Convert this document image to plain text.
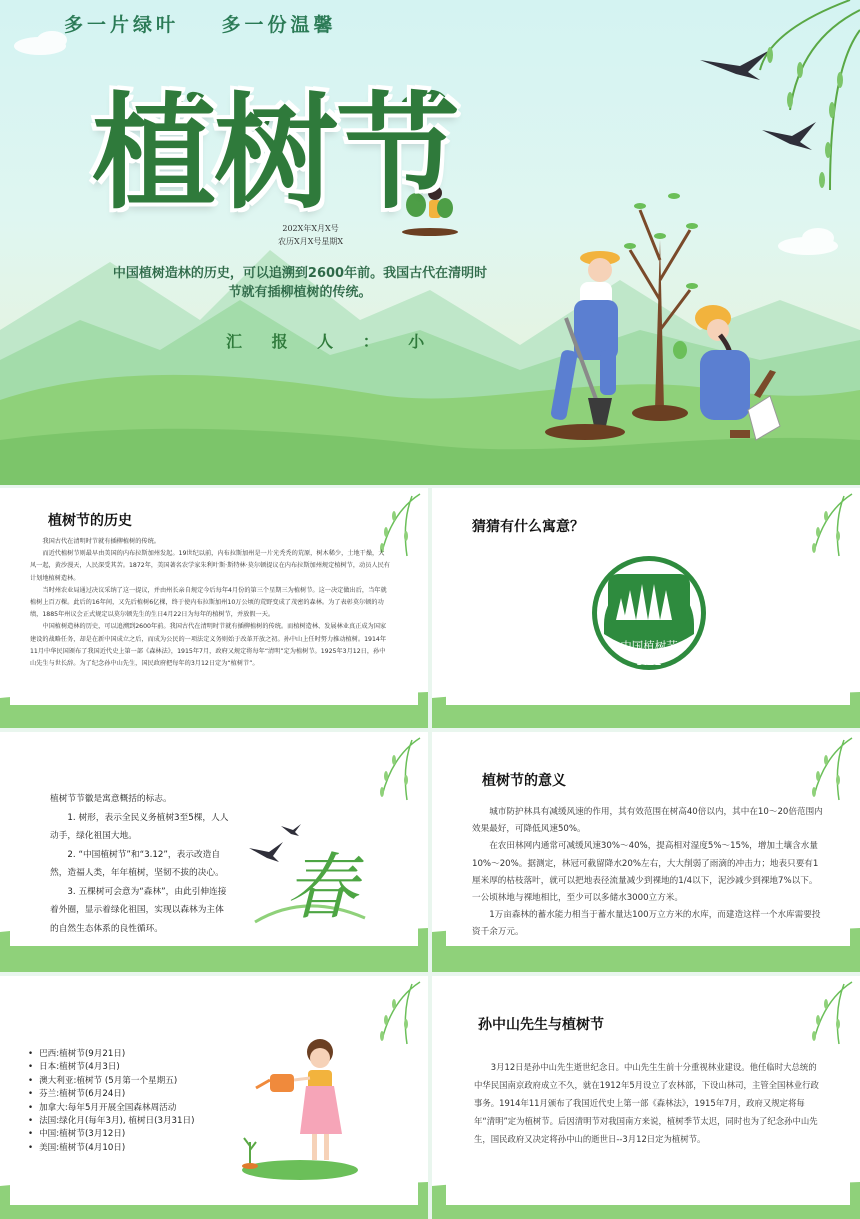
多一片绿叶    多一份温馨
植树节
202X年X月X号
农历X月X号星期X
中国植树造林的历史，可以追溯到2600年前。我国古代在清明时节就有插柳植树的传统。
汇 报 人 ： 小
植树节的历史

我国古代在清明时节就有插柳植树的传统。

而近代植树节则最早由美国的内布拉斯加州发起。19世纪以前，内布拉斯加州是一片光秃秃的荒原，树木稀少，土地干燥，大风一起，黄沙漫天，人民深受其苦。1872年，美国著名农学家朱利叶斯·斯特林·莫尔顿提议在内布拉斯加州规定植树节，动员人民有计划地植树造林。

当时州农业局通过决议采纳了这一提议，并由州长亲自规定今后每年4月份的第三个星期三为植树节。这一决定做出后，当年就植树上百万棵。此后的16年间，又先后植树6亿棵，终于使内布拉斯加州10万公顷的荒野变成了茂密的森林。为了表彰莫尔顿的功绩，1885年州议会正式规定以莫尔顿先生的生日4月22日为每年的植树节，并放假一天。

中国植树造林的历史，可以追溯到2600年前。我国古代在清明时节就有插柳植树的传统。而植树造林、发展林业真正成为国家建设的战略任务，却是在新中国成立之后，而成为公民的一项法定义务则始于改革开放之初。孙中山上任时努力推动植树。1914年11月中华民国颁布了我国近代史上第一部《森林法》，1915年7月，政府又规定将每年“清明”定为植树节。1925年3月12日，孙中山先生与世长辞。为了纪念孙中山先生，国民政府把每年的3月12日定为“植树节”。

猜猜有什么寓意？
中国植树节
3.12
植树节节徽是寓意概括的标志。
1. 树形，表示全民义务植树3至5棵，人人动手，绿化祖国大地。
2. “中国植树节”和“3.12”，表示改造自然，造福人类，年年植树，坚韧不拔的决心。
3. 五棵树可会意为“森林”，由此引伸连接着外圈，显示着绿化祖国，实现以森林为主体的自然生态体系的良性循环。	春
植树节的意义

城市防护林具有减缓风速的作用，其有效范围在树高40倍以内，其中在10～20倍范围内效果最好，可降低风速50%。

在农田林网内通常可减缓风速30%～40%，提高相对湿度5%～15%，增加土壤含水量10%～20%。据测定，林冠可截留降水20%左右，大大削弱了雨滴的冲击力；地表只要有1厘米厚的枯枝落叶，就可以把地表径流量减少到裸地的1/4以下，泥沙减少到裸地7%以下。一公顷林地与裸地相比，至少可以多储水3000立方米。

1万亩森林的蓄水能力相当于蓄水量达100万立方米的水库，而建造这样一个水库需要投资千余万元。

• 巴西:植树节(9月21日)
• 日本:植树节(4月3日)
• 澳大利亚:植树节 (5月第一个星期五)
• 芬兰:植树节(6月24日)
• 加拿大:每年5月开展全国森林周活动
• 法国:绿化月(每年3月), 植树日(3月31日)
• 中国:植树节(3月12日)
• 美国:植树节(4月10日)
孙中山先生与植树节

3月12日是孙中山先生逝世纪念日。中山先生生前十分重视林业建设。他任临时大总统的中华民国南京政府成立不久，就在1912年5月设立了农林部，下设山林司，主管全国林业行政事务。1914年11月颁布了我国近代史上第一部《森林法》，1915年7月，政府又规定将每年“清明”定为植树节。后因清明节对我国南方来说，植树季节太迟，同时也为了纪念孙中山先生，国民政府又决定将孙中山的逝世日--3月12日定为植树节。
